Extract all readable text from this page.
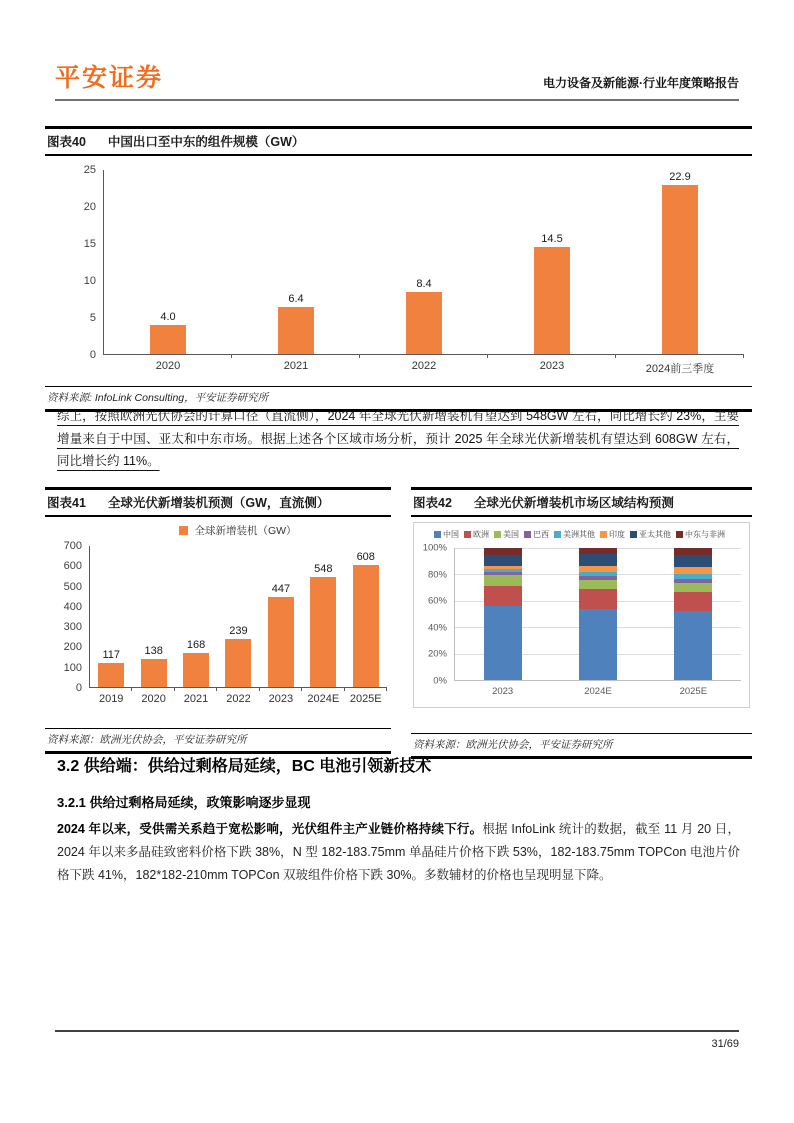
平安证券	电力设备及新能源·行业年度策略报告
图表40 中国出口至中东的组件规模（GW）
0
5
10
15
20
25
4.0
2020
6.4
2021
8.4
2022
14.5
2023
22.9
2024前三季度
资料来源: InfoLink Consulting，平安证券研究所

综上，按照欧洲光伏协会的计算口径（直流侧），2024 年全球光伏新增装机有望达到 548GW 左右，同比增长约 23%，主要增量来自于中国、亚太和中东市场。根据上述各个区域市场分析，预计 2025 年全球光伏新增装机有望达到 608GW 左右，同比增长约 11%。

图表41 全球光伏新增装机预测（GW，直流侧）
全球新增装机（GW）
0
100
200
300
400
500
600
700
117
2019
138
2020
168
2021
239
2022
447
2023
548
2024E
608
2025E
资料来源：欧洲光伏协会，平安证券研究所
图表42 全球光伏新增装机市场区域结构预测
中国 欧洲 美国 巴西 美洲其他 印度 亚太其他 中东与非洲
0%
20%
40%
60%
80%
100%
2023	2024E	2025E
资料来源：欧洲光伏协会，平安证券研究所
3.2 供给端：供给过剩格局延续，BC 电池引领新技术
3.2.1 供给过剩格局延续，政策影响逐步显现

2024 年以来，受供需关系趋于宽松影响，光伏组件主产业链价格持续下行。根据 InfoLink 统计的数据，截至 11 月 20 日，2024 年以来多晶硅致密料价格下跌 38%，N 型 182-183.75mm 单晶硅片价格下跌 53%，182-183.75mm TOPCon 电池片价格下跌 41%，182*182-210mm TOPCon 双玻组件价格下跌 30%。多数辅材的价格也呈现明显下降。

31/69
